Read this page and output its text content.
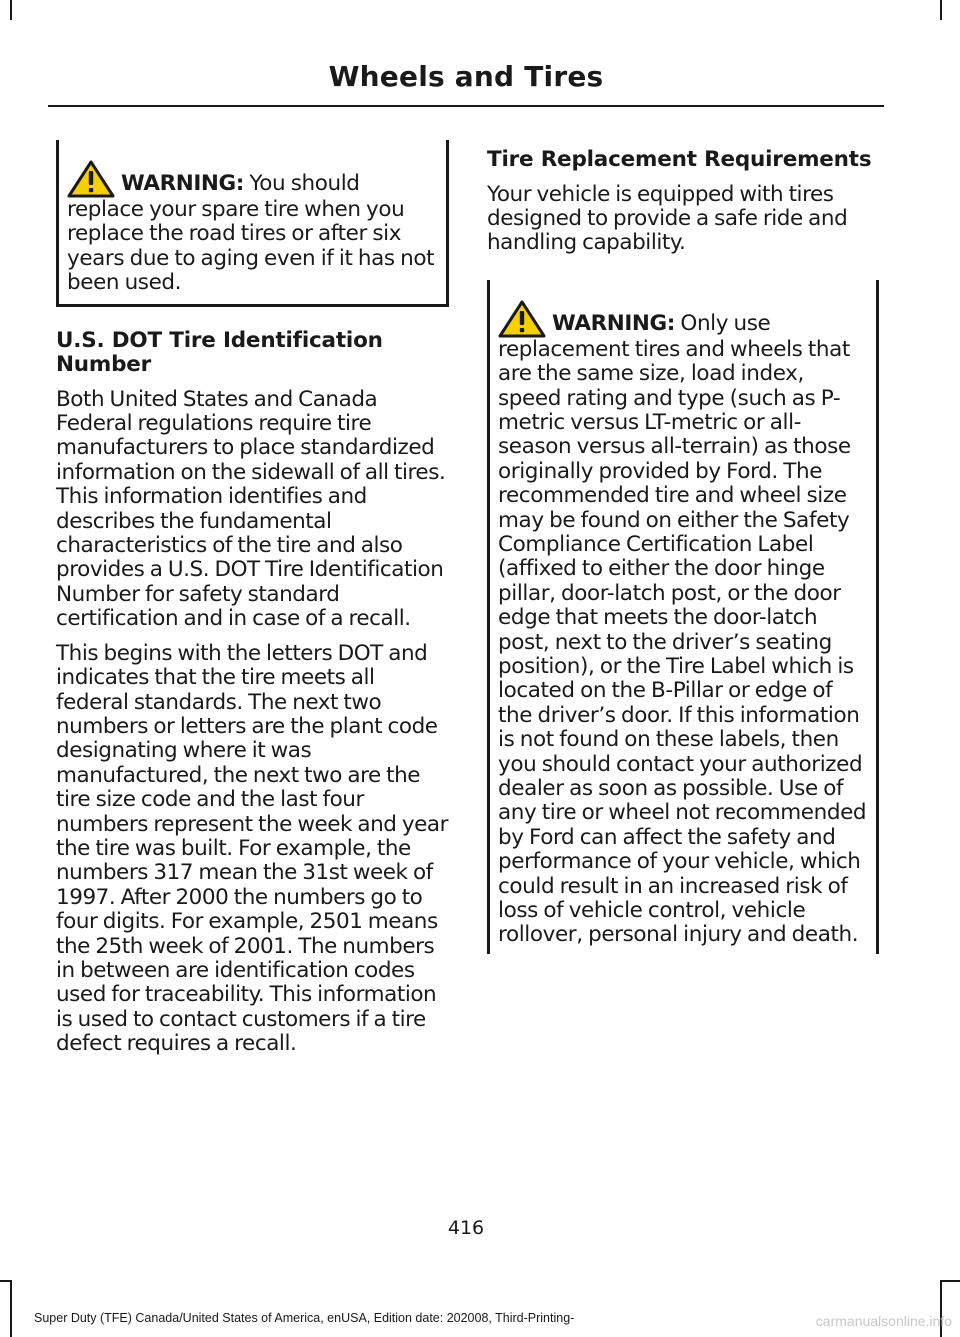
Wheels and Tires
WARNING: You should replace your spare tire when you replace the road tires or after six years due to aging even if it has not been used.
U.S. DOT Tire Identification Number

Both United States and Canada Federal regulations require tire manufacturers to place standardized information on the sidewall of all tires. This information identifies and describes the fundamental characteristics of the tire and also provides a U.S. DOT Tire Identification Number for safety standard certification and in case of a recall.

This begins with the letters DOT and indicates that the tire meets all federal standards. The next two numbers or letters are the plant code designating where it was manufactured, the next two are the tire size code and the last four numbers represent the week and year the tire was built. For example, the numbers 317 mean the 31st week of 1997. After 2000 the numbers go to four digits. For example, 2501 means the 25th week of 2001. The numbers in between are identification codes used for traceability. This information is used to contact customers if a tire defect requires a recall.

Tire Replacement Requirements

Your vehicle is equipped with tires designed to provide a safe ride and handling capability.

WARNING: Only use replacement tires and wheels that are the same size, load index, speed rating and type (such as P-metric versus LT-metric or all-season versus all-terrain) as those originally provided by Ford. The recommended tire and wheel size may be found on either the Safety Compliance Certification Label (affixed to either the door hinge pillar, door-latch post, or the door edge that meets the door-latch post, next to the driver’s seating position), or the Tire Label which is located on the B-Pillar or edge of the driver’s door. If this information is not found on these labels, then you should contact your authorized dealer as soon as possible. Use of any tire or wheel not recommended by Ford can affect the safety and performance of your vehicle, which could result in an increased risk of loss of vehicle control, vehicle rollover, personal injury and death.
416
Super Duty (TFE) Canada/United States of America, enUSA, Edition date: 202008, Third-Printing-	carmanualsonline.info
